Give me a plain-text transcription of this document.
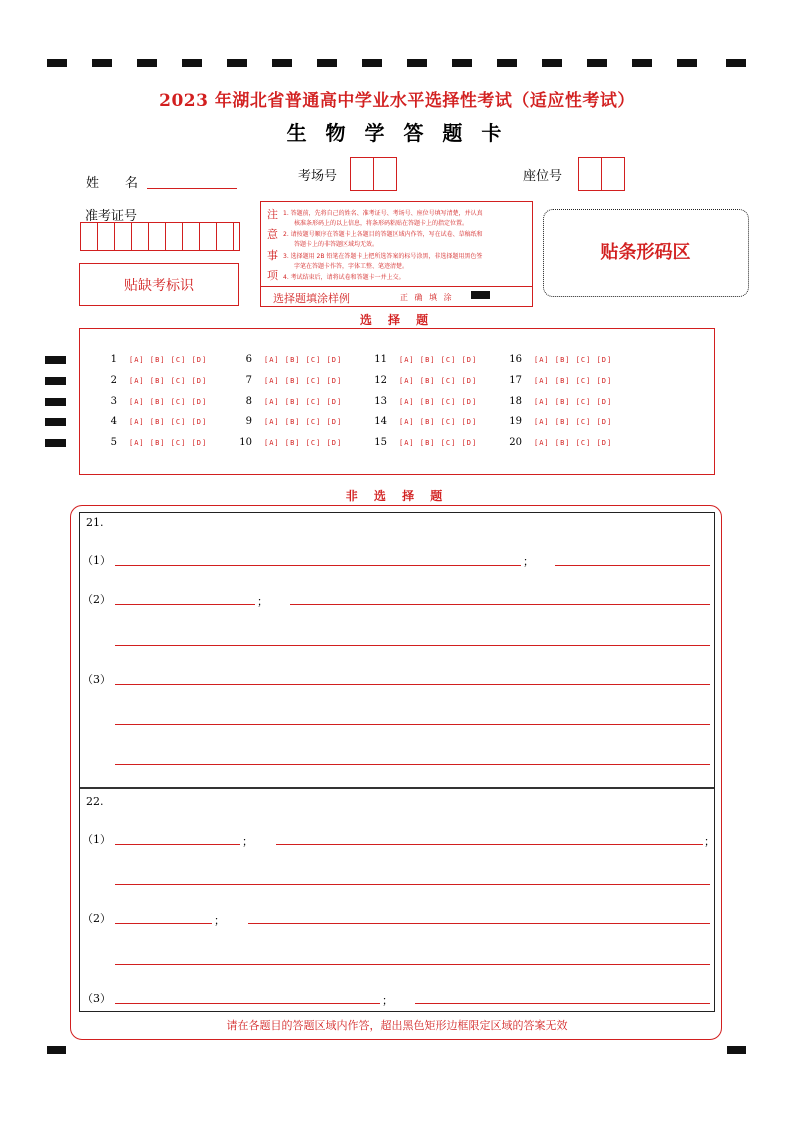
2023 年湖北省普通高中学业水平选择性考试（适应性考试）
生 物 学 答 题 卡
姓　　名	考场号	座位号
准考证号
贴缺考标识
注
意
事
项
1. 答题前，先将自己的姓名、准考证号、考场号、座位号填写清楚，并认真
核准条形码上的以上信息，将条形码粘贴在答题卡上的指定位置。
2. 请按题号顺序在答题卡上各题目的答题区域内作答，写在试卷、草稿纸和
答题卡上的非答题区域均无效。
3. 选择题用 2B 铅笔在答题卡上把所选答案的标号涂黑，非选择题用黑色签
字笔在答题卡作答，字体工整、笔迹清楚。
4. 考试结束后，请将试卷和答题卡一并上交。
选择题填涂样例	正 确 填 涂
贴条形码区
选 择 题
1 [A] [B] [C] [D]
2 [A] [B] [C] [D]
3 [A] [B] [C] [D]
4 [A] [B] [C] [D]
5 [A] [B] [C] [D]
6 [A] [B] [C] [D]
7 [A] [B] [C] [D]
8 [A] [B] [C] [D]
9 [A] [B] [C] [D]
10 [A] [B] [C] [D]
11 [A] [B] [C] [D]
12 [A] [B] [C] [D]
13 [A] [B] [C] [D]
14 [A] [B] [C] [D]
15 [A] [B] [C] [D]
16 [A] [B] [C] [D]
17 [A] [B] [C] [D]
18 [A] [B] [C] [D]
19 [A] [B] [C] [D]
20 [A] [B] [C] [D]
非 选 择 题
21.
（1）	；
（2）	；
（3）
22.
（1）	；	；
（2）	；
（3）	；
请在各题目的答题区域内作答，超出黑色矩形边框限定区域的答案无效
